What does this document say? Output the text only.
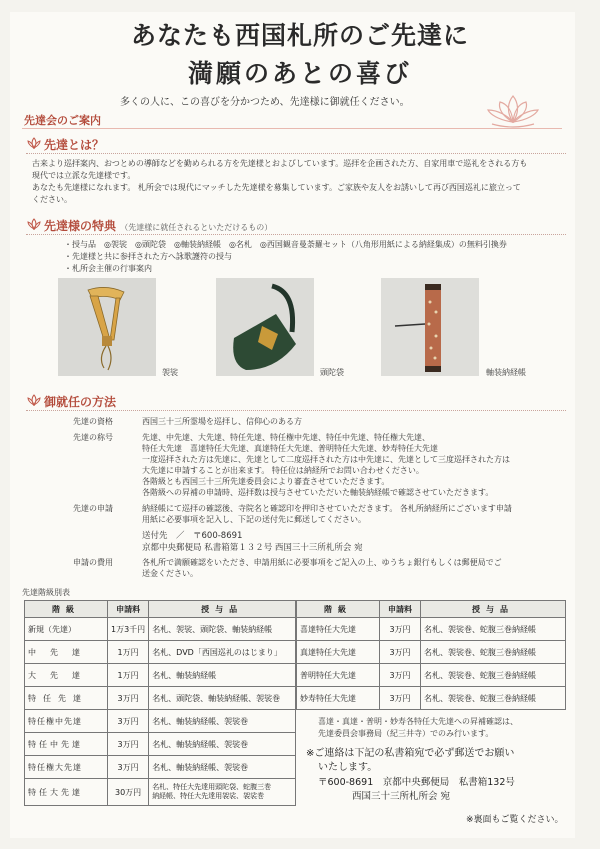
あなたも西国札所のご先達に
満願のあとの喜び
多くの人に、この喜びを分かつため、先達様に御就任ください。
先達会のご案内
先達とは？
古来より巡拝案内、おつとめの導師などを勤められる方を先達様とおよびしています。巡拝を企画された方、自家用車で巡礼をされる方も
現代では立派な先達様です。
あなたも先達様になれます。 札所会では現代にマッチした先達様を募集しています。ご家族や友人をお誘いして再び西国巡礼に旅立って
ください。
先達様の特典 （先達様に就任されるといただけるもの）
・授与品　◎袈裟　◎頭陀袋　◎軸装納経帳　◎名札　◎西国観音曼荼羅セット（八角形用紙による納経集成）の無料引換券
・先達様と共に参拝された方へ詠歌護符の授与
・札所会主催の行事案内
袈裟	頭陀袋	軸装納経帳
御就任の方法
先達の資格	西国三十三所霊場を巡拝し、信仰心のある方
先達の称号	先達、中先達、大先達、特任先達、特任権中先達、特任中先達、特任権大先達、
特任大先達　喜達特任大先達、真達特任大先達、普明特任大先達、妙寿特任大先達
一度巡拝された方は先達に、先達として二度巡拝された方は中先達に、先達として三度巡拝された方は
大先達に申請することが出来ます。 特任位は納経所でお問い合わせください。
各階級とも西国三十三所先達委員会により審査させていただきます。
各階級への昇補の申請時、巡拝数は授与させていただいた軸装納経帳で確認させていただきます。
先達の申請	納経帳にて巡拝の確認後、寺院名と確認印を押印させていただきます。 各札所納経所にございます申請
用紙に必要事項を記入し、下記の送付先に郵送してください。
送付先　／　〒600-8691
京都中央郵便局 私書箱第１３２号 西国三十三所札所会 宛
申請の費用	各札所で満願確認をいただき、申請用紙に必要事項をご記入の上、ゆうちょ銀行もしくは郵便局でご
送金ください。
先達階級別表
階級	申請料	授与品
新規（先達）	1万3千円	名札、袈裟、頭陀袋、軸装納経帳
中先達	1万円	名札、DVD「西国巡礼のはじまり」
大先達	1万円	名札、軸装納経帳
特任先達	3万円	名札、頭陀袋、軸装納経帳、袈裟巻
特任権中先達	3万円	名札、軸装納経帳、袈裟巻
特任中先達	3万円	名札、軸装納経帳、袈裟巻
特任権大先達	3万円	名札、軸装納経帳、袈裟巻
特任大先達	30万円	名札、特任大先達用頭陀袋、蛇腹三巻
納経帳、特任大先達用袈裟、袈裟巻
階級	申請料	授与品
喜達特任大先達	3万円	名札、袈裟巻、蛇腹三巻納経帳
真達特任大先達	3万円	名札、袈裟巻、蛇腹三巻納経帳
普明特任大先達	3万円	名札、袈裟巻、蛇腹三巻納経帳
妙寿特任大先達	3万円	名札、袈裟巻、蛇腹三巻納経帳
喜達・真達・普明・妙寿各特任大先達への昇補確認は、
先達委員会事務局（紀三井寺）でのみ行います。
※ご連絡は下記の私書箱宛で必ず郵送でお願い
いたします。
〒600-8691　京都中央郵便局　私書箱132号
西国三十三所札所会 宛
※裏面もご覧ください。
